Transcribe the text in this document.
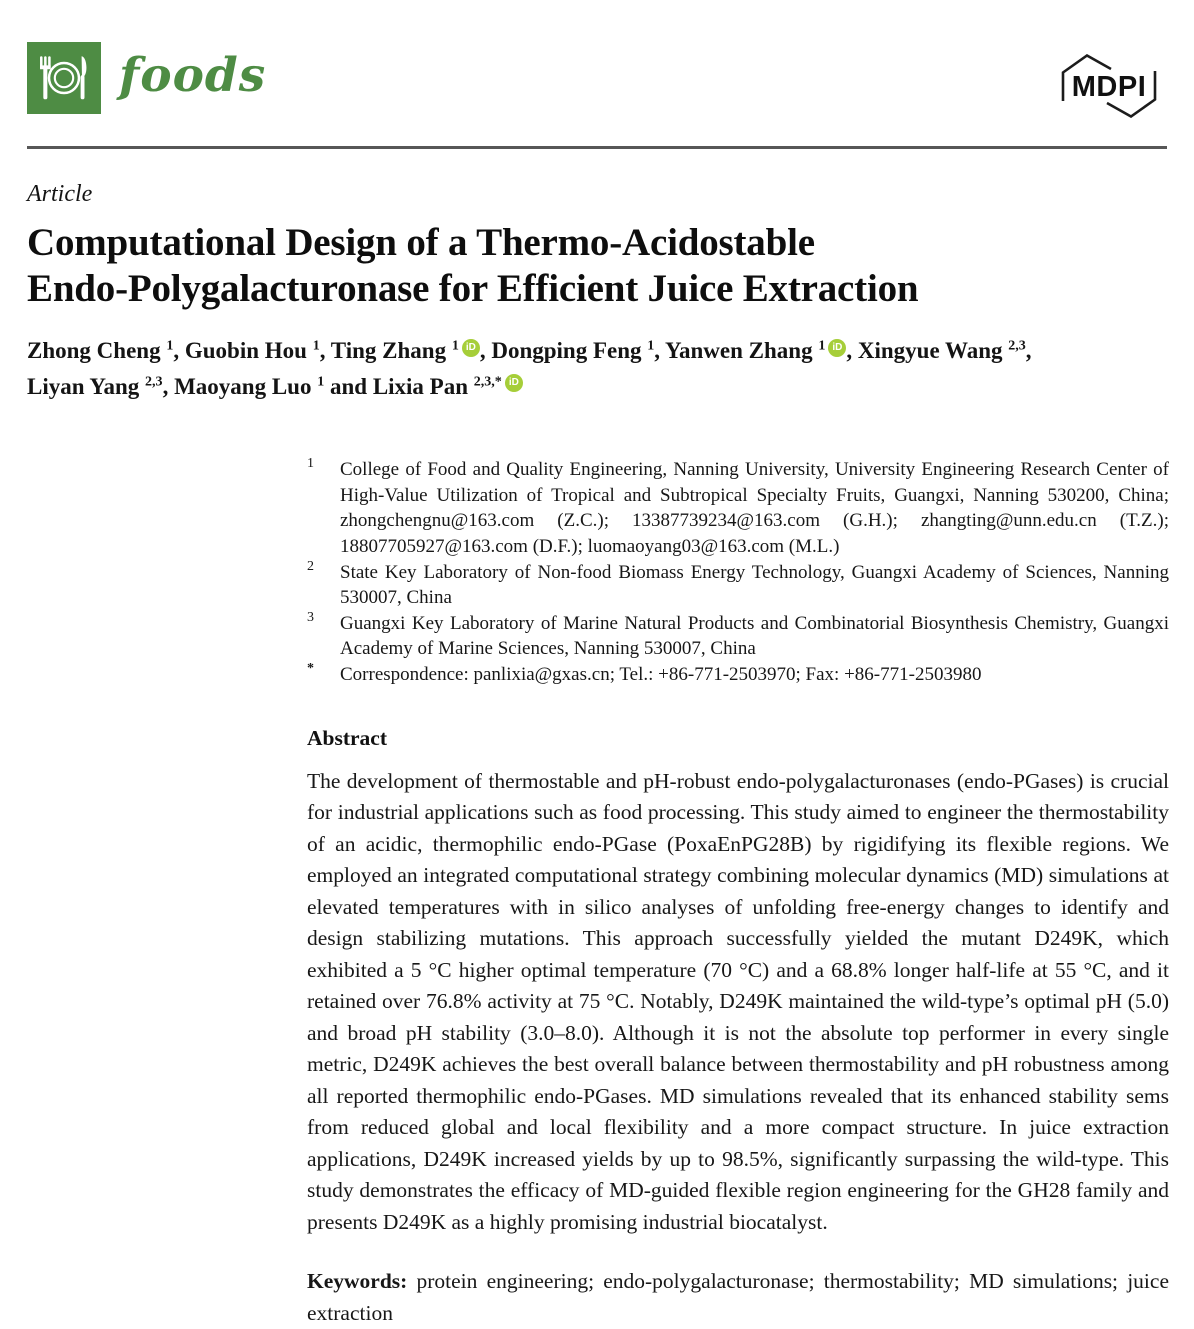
foods	MDPI
Article
Computational Design of a Thermo-Acidostable
Endo-Polygalacturonase for Efficient Juice Extraction
Zhong Cheng $^1$, Guobin Hou $^1$, Ting Zhang $^1$ iD , Dongping Feng $^1$, Yanwen Zhang $^1$ iD , Xingyue Wang $^{2,3}$,
Liyan Yang $^{2,3}$, Maoyang Luo $^1$ and Lixia Pan $^{2,3,*}$ iD
1 College of Food and Quality Engineering, Nanning University, University Engineering Research Center of High-Value Utilization of Tropical and Subtropical Specialty Fruits, Guangxi, Nanning 530200, China; zhongchengnu@163.com (Z.C.); 13387739234@163.com (G.H.); zhangting@unn.edu.cn (T.Z.); 18807705927@163.com (D.F.); luomaoyang03@163.com (M.L.)
2 State Key Laboratory of Non-food Biomass Energy Technology, Guangxi Academy of Sciences, Nanning 530007, China
3 Guangxi Key Laboratory of Marine Natural Products and Combinatorial Biosynthesis Chemistry, Guangxi Academy of Marine Sciences, Nanning 530007, China
* Correspondence: panlixia@gxas.cn; Tel.: +86-771-2503970; Fax: +86-771-2503980
Abstract

The development of thermostable and pH-robust endo-polygalacturonases (endo-PGases) is crucial for industrial applications such as food processing. This study aimed to engineer the thermostability of an acidic, thermophilic endo-PGase (PoxaEnPG28B) by rigidifying its flexible regions. We employed an integrated computational strategy combining molecular dynamics (MD) simulations at elevated temperatures with in silico analyses of unfolding free-energy changes to identify and design stabilizing mutations. This approach successfully yielded the mutant D249K, which exhibited a 5 °C higher optimal temperature (70 °C) and a 68.8% longer half-life at 55 °C, and it retained over 76.8% activity at 75 °C. Notably, D249K maintained the wild-type’s optimal pH (5.0) and broad pH stability (3.0–8.0). Although it is not the absolute top performer in every single metric, D249K achieves the best overall balance between thermostability and pH robustness among all reported thermophilic endo-PGases. MD simulations revealed that its enhanced stability sems from reduced global and local flexibility and a more compact structure. In juice extraction applications, D249K increased yields by up to 98.5%, significantly surpassing the wild-type. This study demonstrates the efficacy of MD-guided flexible region engineering for the GH28 family and presents D249K as a highly promising industrial biocatalyst.

Keywords: protein engineering; endo-polygalacturonase; thermostability; MD simulations; juice extraction
